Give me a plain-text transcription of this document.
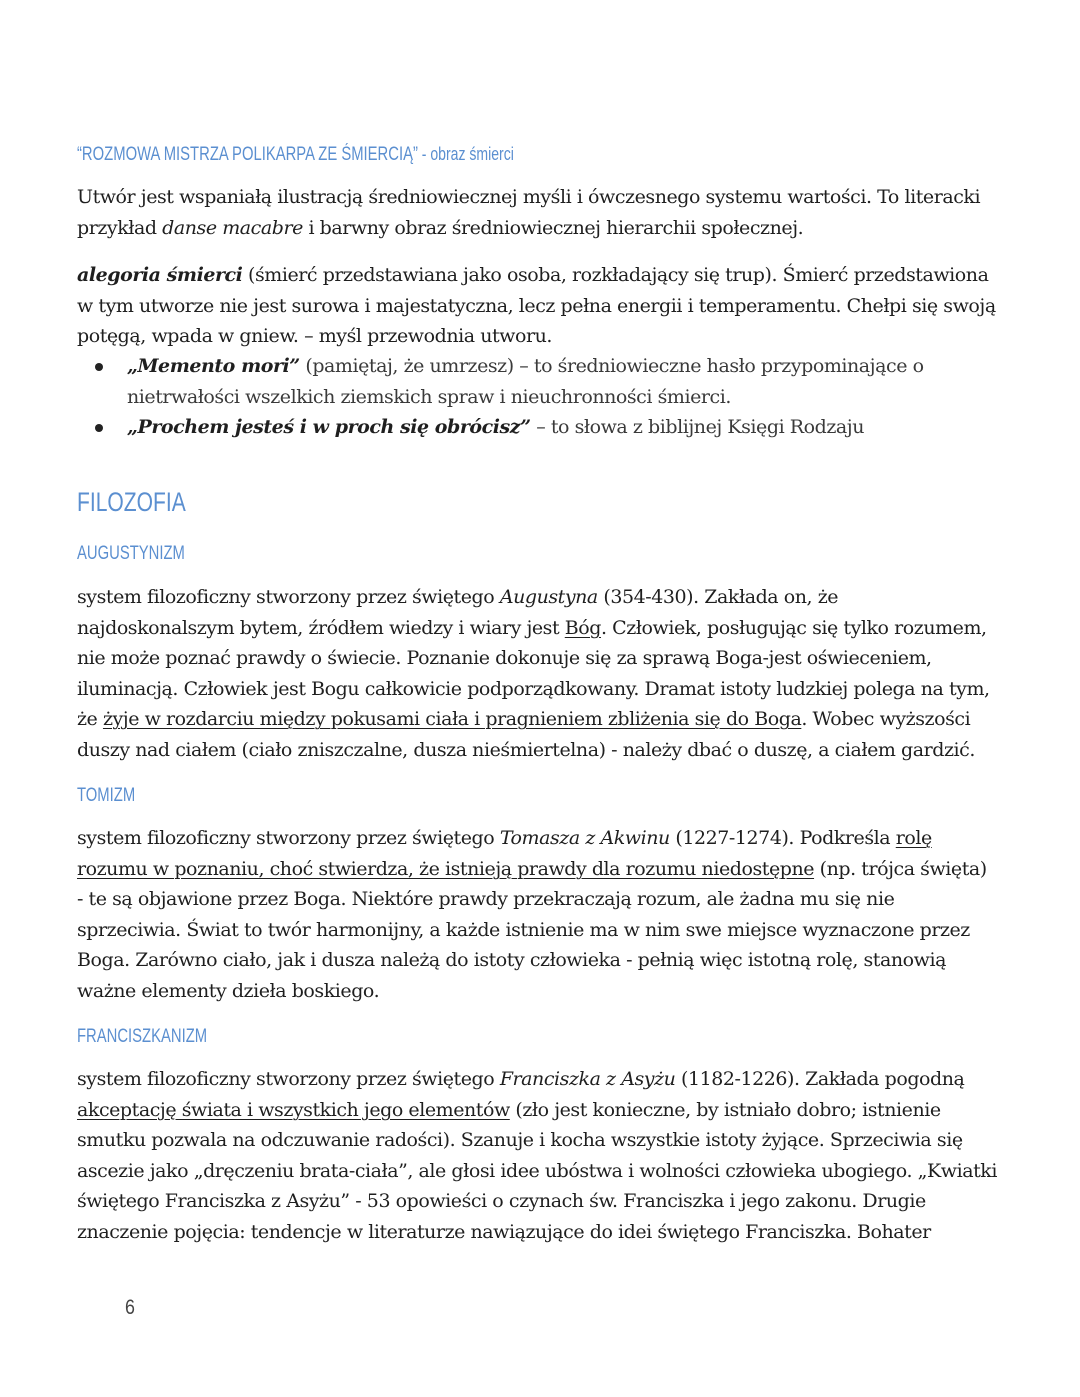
“ROZMOWA MISTRZA POLIKARPA ZE ŚMIERCIĄ” - obraz śmierci

Utwór jest wspaniałą ilustracją średniowiecznej myśli i ówczesnego systemu wartości. To literacki przykład danse macabre i barwny obraz średniowiecznej hierarchii społecznej.

alegoria śmierci (śmierć przedstawiana jako osoba, rozkładający się trup). Śmierć przedstawiona w tym utworze nie jest surowa i majestatyczna, lecz pełna energii i temperamentu. Chełpi się swoją potęgą, wpada w gniew. – myśl przewodnia utworu.

„Memento mori” (pamiętaj, że umrzesz) – to średniowieczne hasło przypominające o nietrwałości wszelkich ziemskich spraw i nieuchronności śmierci.
„Prochem jesteś i w proch się obrócisz” – to słowa z biblijnej Księgi Rodzaju
FILOZOFIA
AUGUSTYNIZM

system filozoficzny stworzony przez świętego Augustyna (354-430). Zakłada on, że najdoskonalszym bytem, źródłem wiedzy i wiary jest Bóg. Człowiek, posługując się tylko rozumem, nie może poznać prawdy o świecie. Poznanie dokonuje się za sprawą Boga-jest oświeceniem, iluminacją. Człowiek jest Bogu całkowicie podporządkowany. Dramat istoty ludzkiej polega na tym, że żyje w rozdarciu między pokusami ciała i pragnieniem zbliżenia się do Boga. Wobec wyższości duszy nad ciałem (ciało zniszczalne, dusza nieśmiertelna) - należy dbać o duszę, a ciałem gardzić.

TOMIZM

system filozoficzny stworzony przez świętego Tomasza z Akwinu (1227-1274). Podkreśla rolę rozumu w poznaniu, choć stwierdza, że istnieją prawdy dla rozumu niedostępne (np. trójca święta) - te są objawione przez Boga. Niektóre prawdy przekraczają rozum, ale żadna mu się nie sprzeciwia. Świat to twór harmonijny, a każde istnienie ma w nim swe miejsce wyznaczone przez Boga. Zarówno ciało, jak i dusza należą do istoty człowieka - pełnią więc istotną rolę, stanowią ważne elementy dzieła boskiego.

FRANCISZKANIZM

system filozoficzny stworzony przez świętego Franciszka z Asyżu (1182-1226). Zakłada pogodną akceptację świata i wszystkich jego elementów (zło jest konieczne, by istniało dobro; istnienie smutku pozwala na odczuwanie radości). Szanuje i kocha wszystkie istoty żyjące. Sprzeciwia się ascezie jako „dręczeniu brata-ciała”, ale głosi idee ubóstwa i wolności człowieka ubogiego. „Kwiatki świętego Franciszka z Asyżu” - 53 opowieści o czynach św. Franciszka i jego zakonu. Drugie znaczenie pojęcia: tendencje w literaturze nawiązujące do idei świętego Franciszka. Bohater

6
